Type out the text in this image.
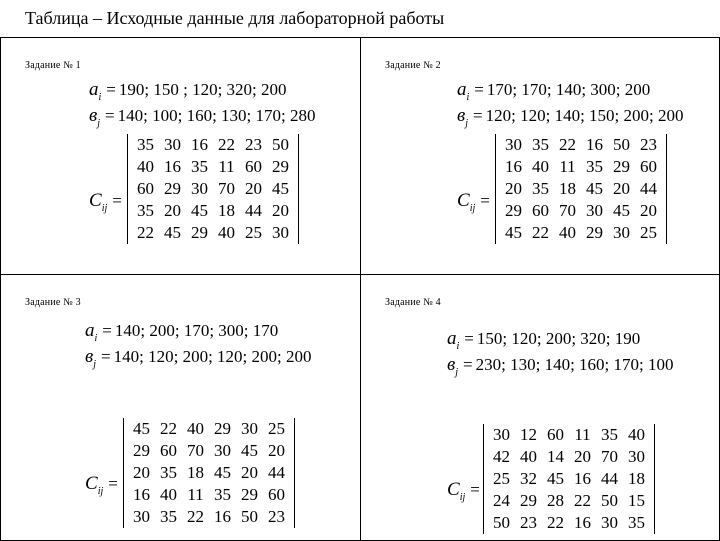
Таблица – Исходные данные для лабораторной работы
Задание № 1
$a_i = 190$; 150 ; 120; 320; 200
$в_j = 140$; 100; 160; 130; 170; 280
$C_{ij}$ =
35 30 16 22 23 50
40 16 35 11 60 29
60 29 30 70 20 45
35 20 45 18 44 20
22 45 29 40 25 30
Задание № 2
$a_i = 170$; 170; 140; 300; 200
$в_j = 120$; 120; 140; 150; 200; 200
$C_{ij}$ =
30 35 22 16 50 23
16 40 11 35 29 60
20 35 18 45 20 44
29 60 70 30 45 20
45 22 40 29 30 25
Задание № 3
$a_i = 140$; 200; 170; 300; 170
$в_j = 140$; 120; 200; 120; 200; 200
$C_{ij}$ =
45 22 40 29 30 25
29 60 70 30 45 20
20 35 18 45 20 44
16 40 11 35 29 60
30 35 22 16 50 23
Задание № 4
$a_i = 150$; 120; 200; 320; 190
$в_j = 230$; 130; 140; 160; 170; 100
$C_{ij}$ =
30 12 60 11 35 40
42 40 14 20 70 30
25 32 45 16 44 18
24 29 28 22 50 15
50 23 22 16 30 35
